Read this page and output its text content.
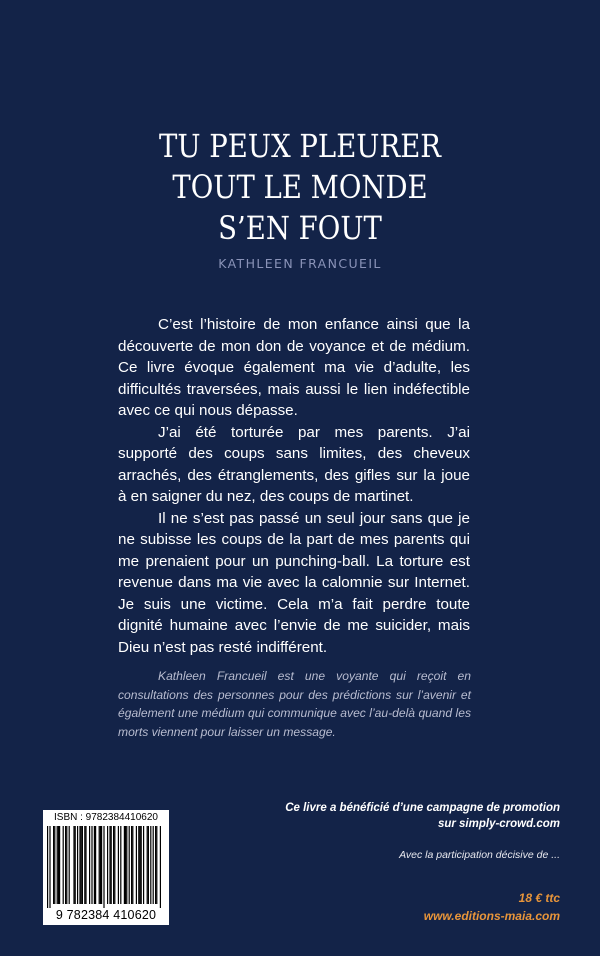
TU PEUX PLEURER
TOUT LE MONDE
S’EN FOUT
KATHLEEN FRANCUEIL

C’est l’histoire de mon enfance ainsi que la découverte de mon don de voyance et de médium. Ce livre évoque également ma vie d’adulte, les difficultés traversées, mais aussi le lien indéfectible avec ce qui nous dépasse.

J’ai été torturée par mes parents. J’ai supporté des coups sans limites, des cheveux arrachés, des étranglements, des gifles sur la joue à en saigner du nez, des coups de martinet.

Il ne s’est pas passé un seul jour sans que je ne subisse les coups de la part de mes parents qui me prenaient pour un punching-ball. La torture est revenue dans ma vie avec la calomnie sur Internet. Je suis une victime. Cela m’a fait perdre toute dignité humaine avec l’envie de me suicider, mais Dieu n’est pas resté indifférent.

Kathleen Francueil est une voyante qui reçoit en consultations des personnes pour des prédictions sur l’avenir et également une médium qui communique avec l’au-delà quand les morts viennent pour laisser un message.

ISBN : 9782384410620
9 782384 410620
Ce livre a bénéficié d’une campagne de promotion
sur simply-crowd.com
Avec la participation décisive de ...
18 € ttc
www.editions-maia.com
